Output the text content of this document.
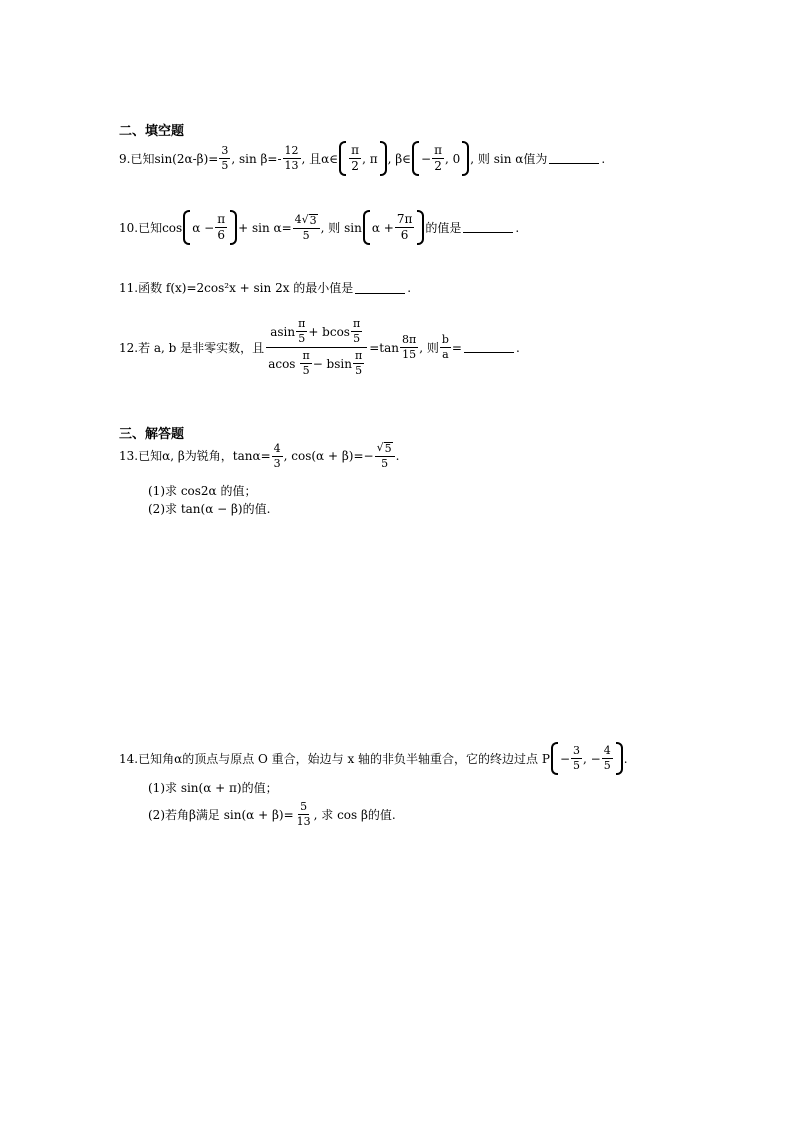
二、填空题
9.已知$\sin(2\alpha-\beta)= \frac{3}{5}$ , $\sin \beta=- \frac{12}{13}$ , 且α∈ $\frac{\pi}{2}$ , π , β∈ − $\frac{\pi}{2}$ , 0 , 则 sin α值为	.
10.已知$\cos \alpha - \frac{\pi}{6} + \sin \alpha= \frac{4√ 3}{5}$ , 则 $\sin \alpha + \frac{7\pi}{6}$ 的值是	.
11.函数 f(x)=2cos²x + sin 2x 的最小值是	.
12.若 a, b 是非零实数，且 $\frac{asin \frac{\pi}{5} + bcos \frac{\pi}{5}}{acos \frac{\pi}{5} - bsin \frac{\pi}{5}} =\tan \frac{8\pi}{15}$ , 则 $\frac{b}{a}$ =	.
三、解答题
13.已知α, β为锐角，$\tan\alpha= \frac{4}{3}$ , $\cos(\alpha + \beta)=- \frac{√ 5}{5}$ .
(1)求 cos2α 的值；
(2)求 tan(α − β)的值.
14.已知角α的顶点与原点 O 重合，始边与 x 轴的非负半轴重合，它的终边过点 $P - \frac{3}{5}$ , − $\frac{4}{5}$ .
(1)求 sin(α + π)的值；
(2)若角β满足 $\sin(\alpha + \beta)= \frac{5}{13}$ , 求 cos β的值.
